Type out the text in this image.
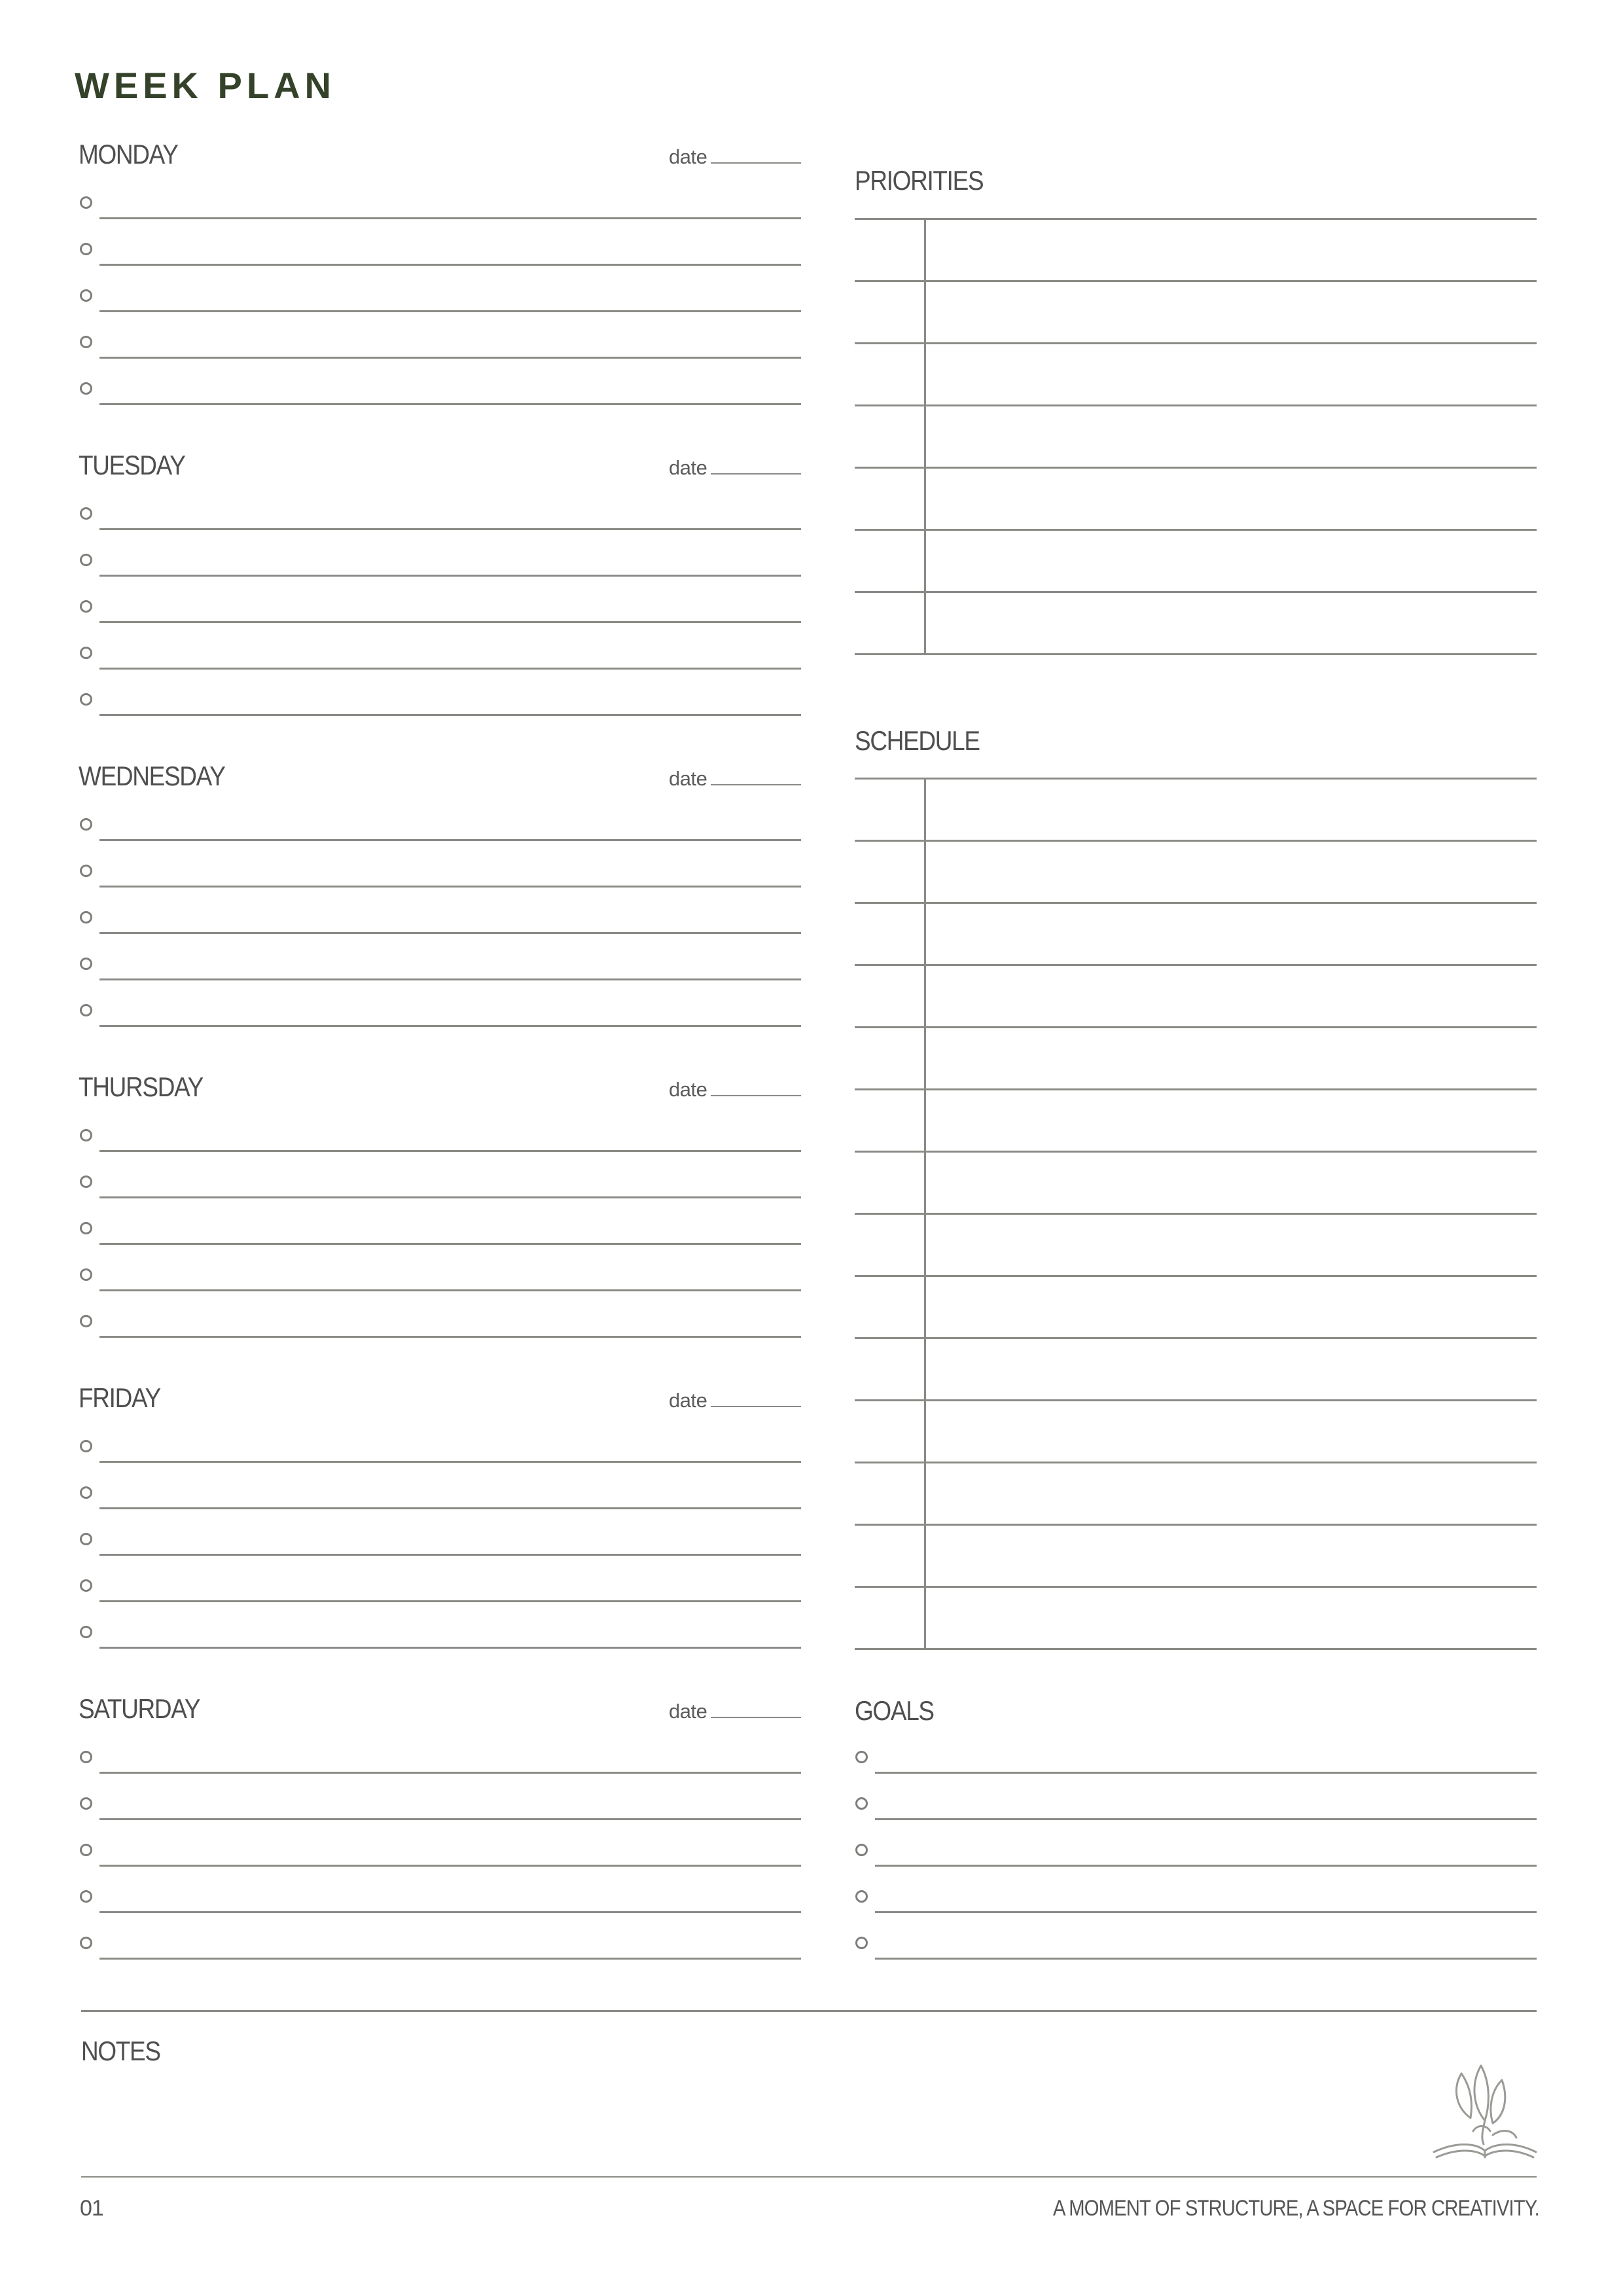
WEEK PLAN
MONDAY	date
TUESDAY	date
WEDNESDAY	date
THURSDAY	date
FRIDAY	date
SATURDAY	date
PRIORITIES
SCHEDULE
GOALS
NOTES
01	A MOMENT OF STRUCTURE, A SPACE FOR CREATIVITY.
